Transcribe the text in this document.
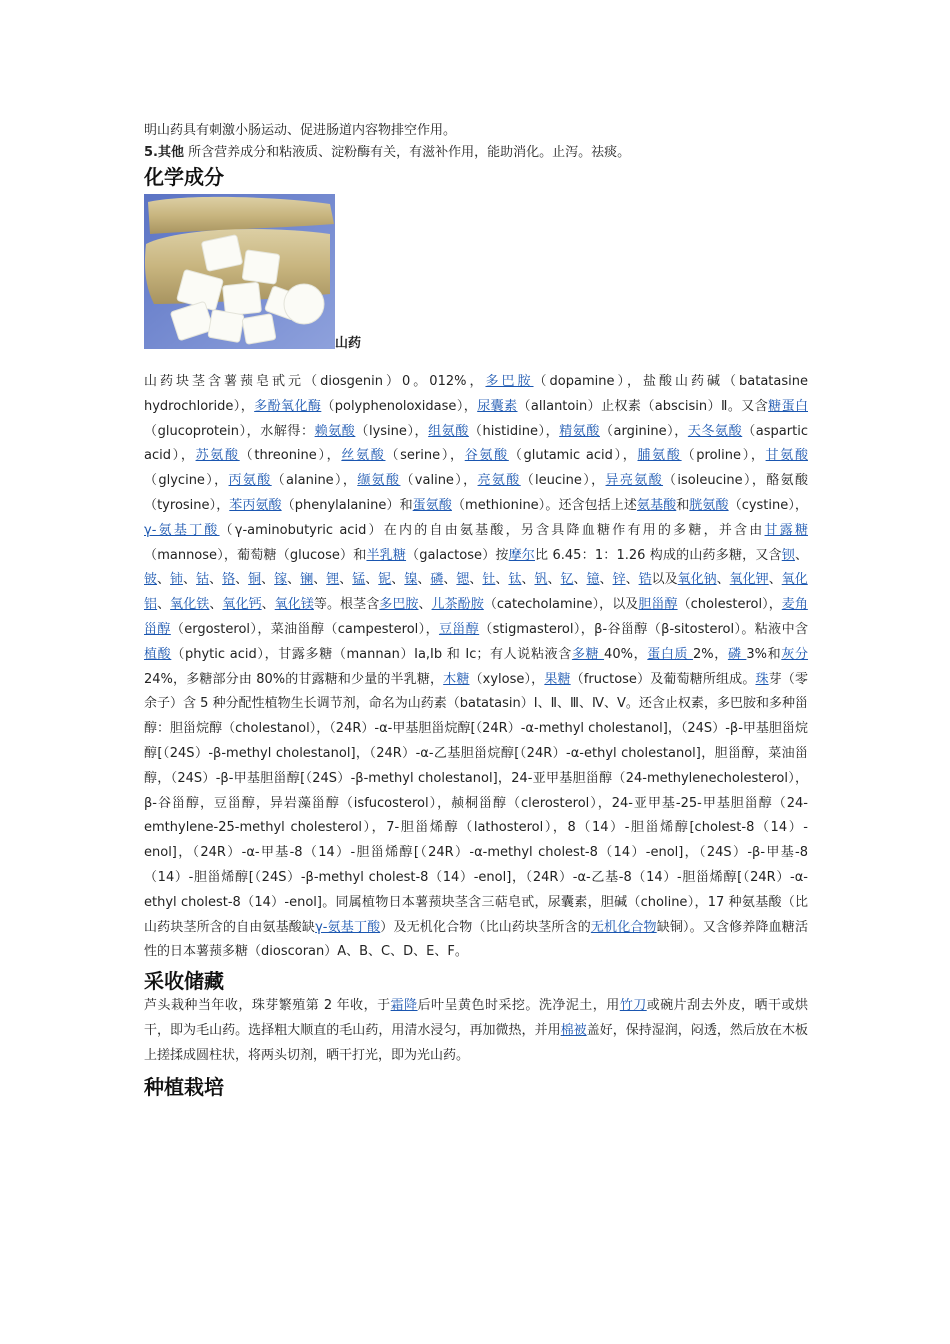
明山药具有刺激小肠运动、促进肠道内容物排空作用。

5.其他 所含营养成分和粘液质、淀粉酶有关，有滋补作用，能助消化。止泻。祛痰。

化学成分
山药

山药块茎含薯蓣皂甙元（diosgenin）0。012%，多巴胺（dopamine），盐酸山药碱（batatasine hydrochloride），多酚氧化酶（polyphenoloxidase），尿囊素（allantoin）止权素（abscisin）Ⅱ。又含糖蛋白（glucoprotein），水解得：赖氨酸（lysine），组氨酸（histidine），精氨酸（arginine），天冬氨酸（aspartic acid），苏氨酸（threonine），丝氨酸（serine），谷氨酸（glutamic acid），脯氨酸（proline），甘氨酸（glycine），丙氨酸（alanine），缬氨酸（valine），亮氨酸（leucine），异亮氨酸（isoleucine），酪氨酸（tyrosine），苯丙氨酸（phenylalanine）和蛋氨酸（methionine）。还含包括上述氨基酸和胱氨酸（cystine），γ-氨基丁酸（γ-aminobutyric acid）在内的自由氨基酸，另含具降血糖作有用的多糖，并含由甘露糖（mannose），葡萄糖（glucose）和半乳糖（galactose）按摩尔比 6.45：1：1.26 构成的山药多糖，又含钡、铍、铈、钴、铬、铜、镓、镧、锂、锰、铌、镍、磷、锶、钍、钛、钒、钇、镱、锌、锆以及氧化钠、氧化钾、氧化铝、氧化铁、氧化钙、氧化镁等。根茎含多巴胺、儿茶酚胺（catecholamine），以及胆甾醇（cholesterol），麦角甾醇（ergosterol），菜油甾醇（campesterol），豆甾醇（stigmasterol），β-谷甾醇（β-sitosterol）。粘液中含植酸（phytic acid），甘露多糖（mannan）Ia,Ib 和 Ic；有人说粘液含多糖 40%，蛋白质 2%，磷 3%和灰分 24%，多糖部分由 80%的甘露糖和少量的半乳糖，木糖（xylose），果糖（fructose）及葡萄糖所组成。珠芽（零余子）含 5 种分配性植物生长调节剂，命名为山药素（batatasin）Ⅰ、Ⅱ、Ⅲ、Ⅳ、Ⅴ。还含止权素，多巴胺和多种甾醇：胆甾烷醇（cholestanol），（24R）-α-甲基胆甾烷醇[（24R）-α-methyl cholestanol]，（24S）-β-甲基胆甾烷醇[（24S）-β-methyl cholestanol]，（24R）-α-乙基胆甾烷醇[（24R）-α-ethyl cholestanol]，胆甾醇，菜油甾醇，（24S）-β-甲基胆甾醇[（24S）-β-methyl cholestanol]，24-亚甲基胆甾醇（24-methylenecholesterol），β-谷甾醇，豆甾醇，异岩藻甾醇（isfucosterol），赪桐甾醇（clerosterol），24-亚甲基-25-甲基胆甾醇（24-emthylene-25-methyl cholesterol），7-胆甾烯醇（lathosterol），8（14）-胆甾烯醇[cholest-8（14）-enol]，（24R）-α-甲基-8（14）-胆甾烯醇[（24R）-α-methyl cholest-8（14）-enol]，（24S）-β-甲基-8（14）-胆甾烯醇[（24S）-β-methyl cholest-8（14）-enol]，（24R）-α-乙基-8（14）-胆甾烯醇[（24R）-α-ethyl cholest-8（14）-enol]。同属植物日本薯蓣块茎含三萜皂甙，尿囊素，胆碱（choline），17 种氨基酸（比山药块茎所含的自由氨基酸缺γ-氨基丁酸）及无机化合物（比山药块茎所含的无机化合物缺铜）。又含修养降血糖活性的日本薯蓣多糖（dioscoran）A、B、C、D、E、F。

采收储藏

芦头栽种当年收，珠芽繁殖第 2 年收，于霜降后叶呈黄色时采挖。洗净泥土，用竹刀或碗片刮去外皮，晒干或烘干，即为毛山药。选择粗大顺直的毛山药，用清水浸匀，再加微热，并用棉被盖好，保持湿润，闷透，然后放在木板上搓揉成圆柱状，将两头切剂，晒干打光，即为光山药。

种植栽培
